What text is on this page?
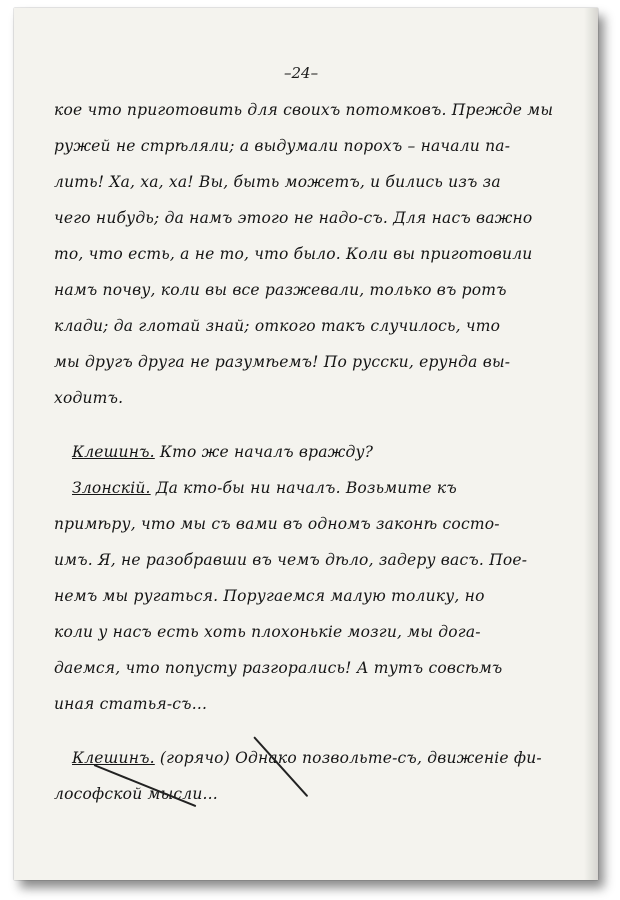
–24–
кое что приготовить для своихъ потомковъ. Прежде мы
ружей не стрѣляли; а выдумали порохъ – начали па-
лить! Ха, ха, ха! Вы, быть можетъ, и бились изъ за
чего нибудь; да намъ этого не надо-съ. Для насъ важно
то, что есть, а не то, что было. Коли вы приготовили
намъ почву, коли вы все разжевали, только въ ротъ
клади; да глотай знай; откого такъ случилось, что
мы другъ друга не разумѣемъ! По русски, ерунда вы-
ходитъ.
Клешинъ. Кто же началъ вражду?
Злонскій. Да кто-бы ни началъ. Возьмите къ
примѣру, что мы съ вами въ одномъ законѣ состо-
имъ. Я, не разобравши въ чемъ дѣло, задеру васъ. Пое-
немъ мы ругаться. Поругаемся малую толику, но
коли у насъ есть хоть плохонькіе мозги, мы дога-
даемся, что попусту разгорались! А тутъ совсѣмъ
иная статья-съ...
Клешинъ. (горячо) Однако позвольте-съ, движеніе фи-
лософской мысли...
